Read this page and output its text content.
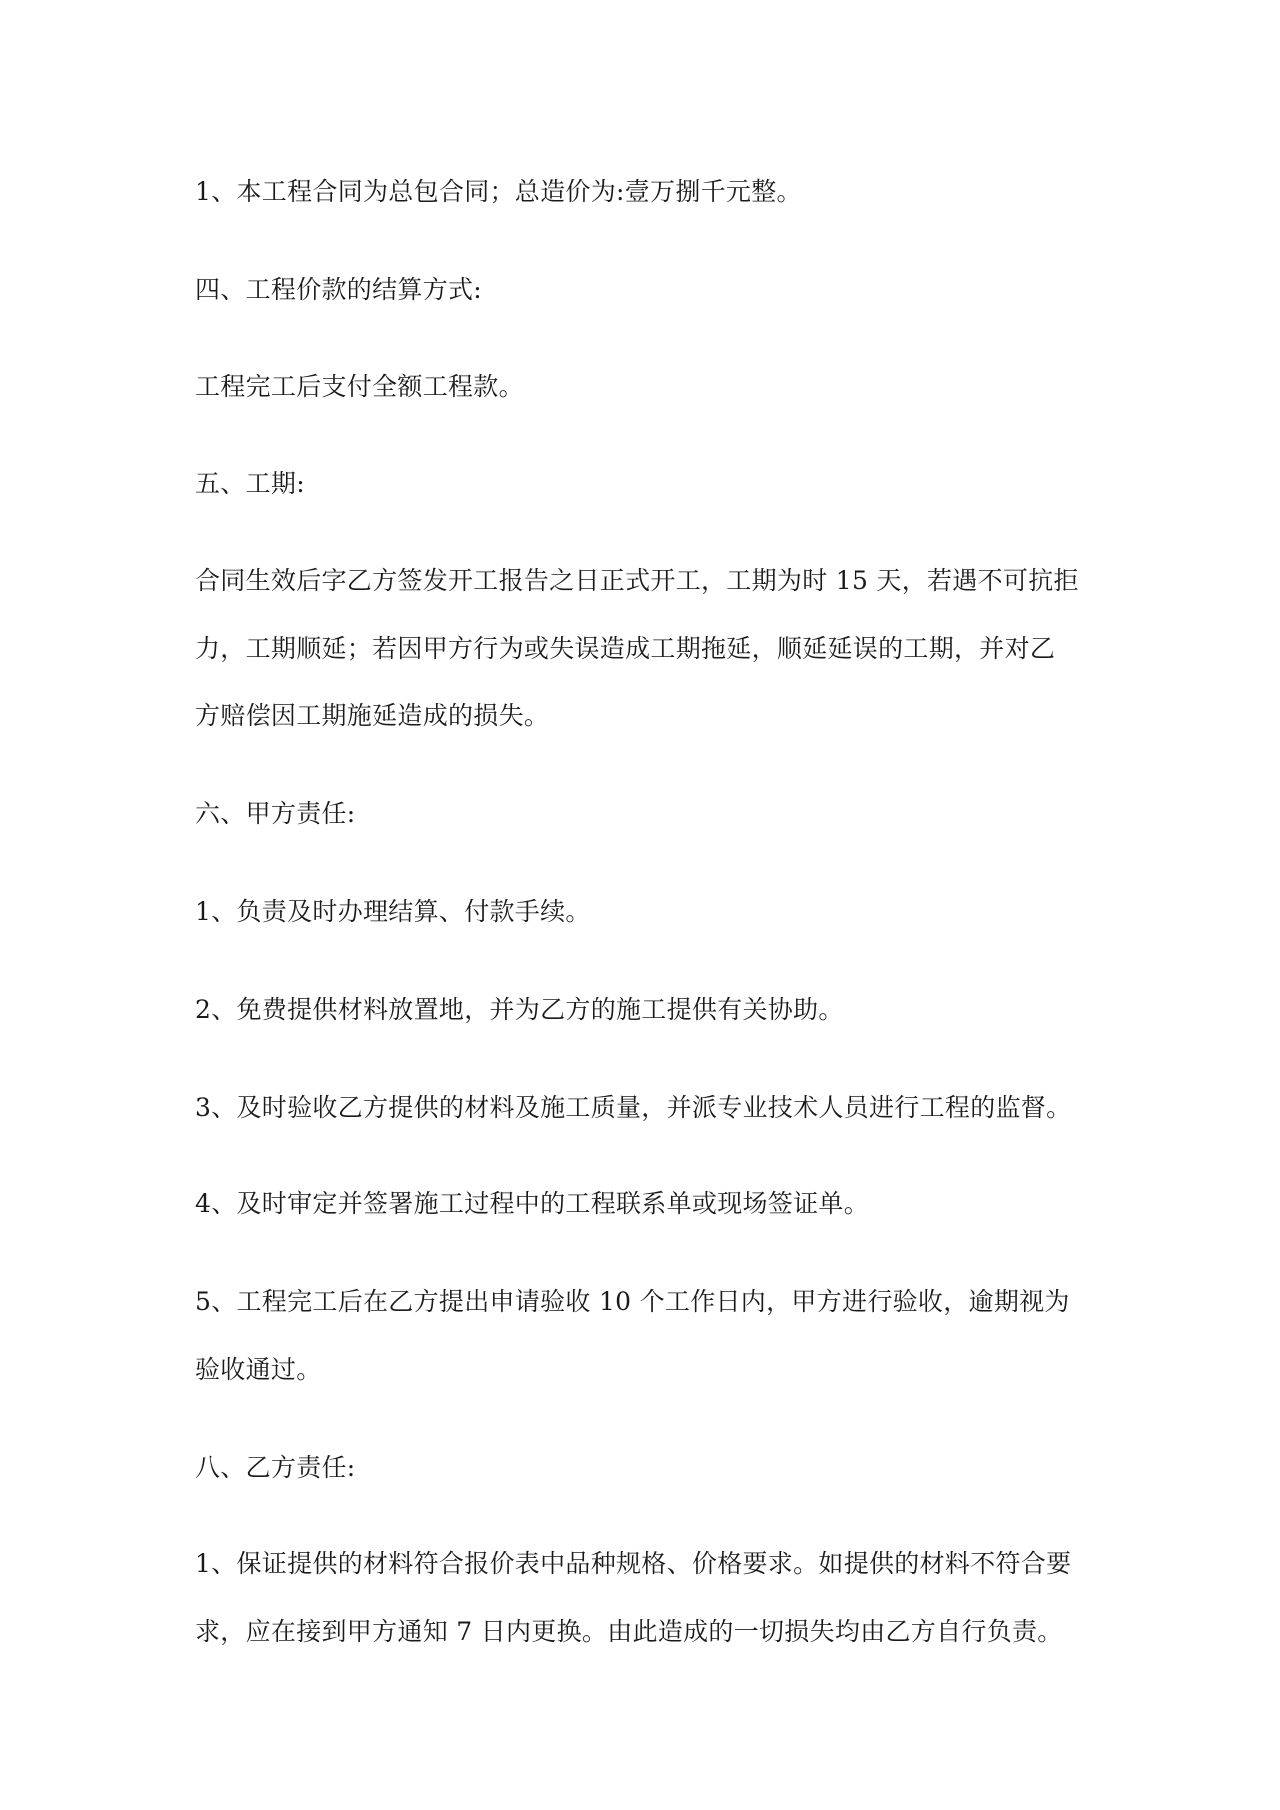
1、本工程合同为总包合同；总造价为:壹万捌千元整。
四、工程价款的结算方式:
工程完工后支付全额工程款。
五、工期:
合同生效后字乙方签发开工报告之日正式开工，工期为时 15 天，若遇不可抗拒
力，工期顺延；若因甲方行为或失误造成工期拖延，顺延延误的工期，并对乙
方赔偿因工期施延造成的损失。
六、甲方责任:
1、负责及时办理结算、付款手续。
2、免费提供材料放置地，并为乙方的施工提供有关协助。
3、及时验收乙方提供的材料及施工质量，并派专业技术人员进行工程的监督。
4、及时审定并签署施工过程中的工程联系单或现场签证单。
5、工程完工后在乙方提出申请验收 10 个工作日内，甲方进行验收，逾期视为
验收通过。
八、乙方责任:
1、保证提供的材料符合报价表中品种规格、价格要求。如提供的材料不符合要
求，应在接到甲方通知 7 日内更换。由此造成的一切损失均由乙方自行负责。
